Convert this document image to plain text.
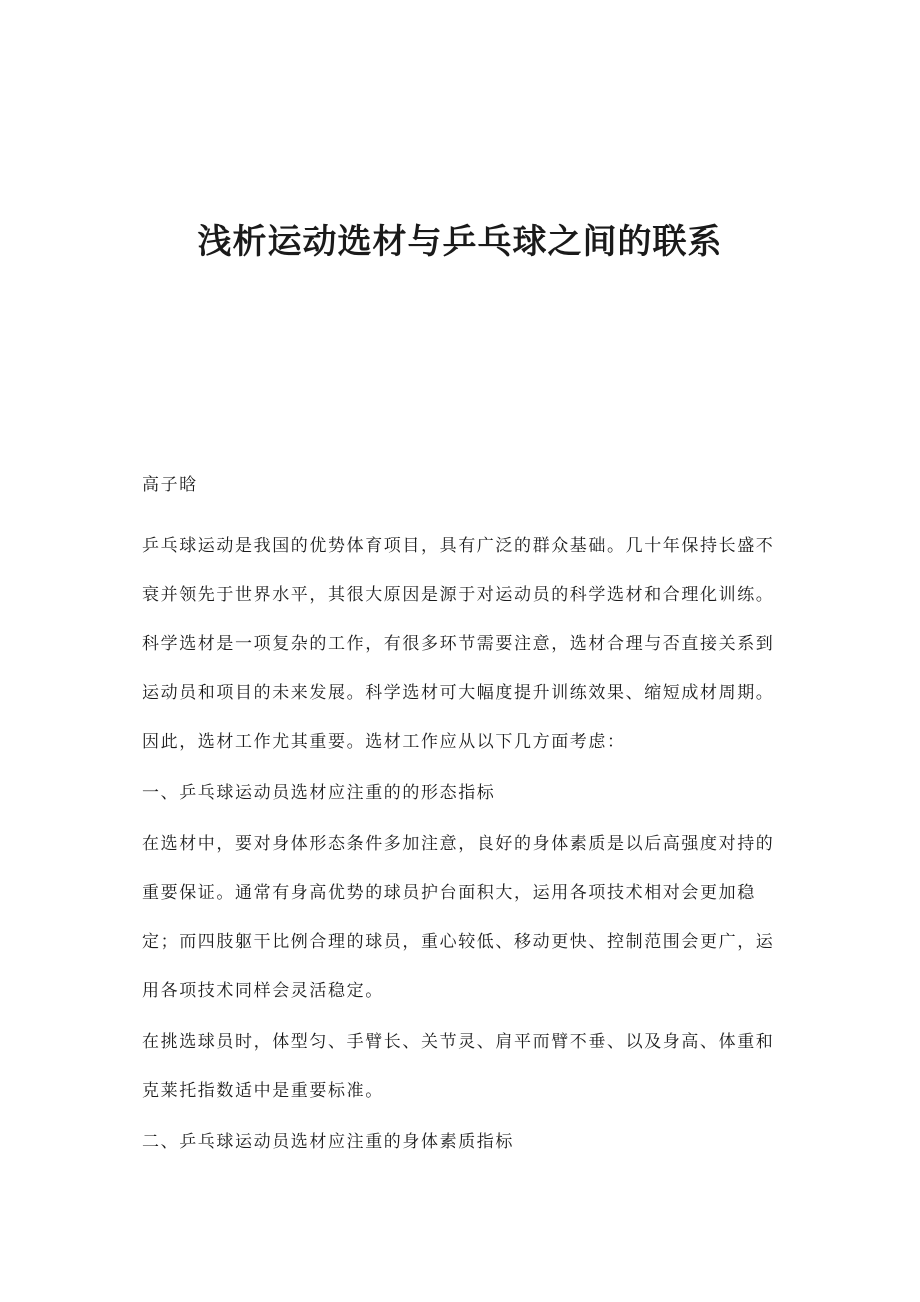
浅析运动选材与乒乓球之间的联系

高子晗

乒乓球运动是我国的优势体育项目，具有广泛的群众基础。几十年保持长盛不衰并领先于世界水平，其很大原因是源于对运动员的科学选材和合理化训练。科学选材是一项复杂的工作，有很多环节需要注意，选材合理与否直接关系到运动员和项目的未来发展。科学选材可大幅度提升训练效果、缩短成材周期。因此，选材工作尤其重要。选材工作应从以下几方面考虑：

一、乒乓球运动员选材应注重的的形态指标

在选材中，要对身体形态条件多加注意，良好的身体素质是以后高强度对持的重要保证。通常有身高优势的球员护台面积大，运用各项技术相对会更加稳定；而四肢躯干比例合理的球员，重心较低、移动更快、控制范围会更广，运用各项技术同样会灵活稳定。

在挑选球员时，体型匀、手臂长、关节灵、肩平而臂不垂、以及身高、体重和克莱托指数适中是重要标准。

二、乒乓球运动员选材应注重的身体素质指标
